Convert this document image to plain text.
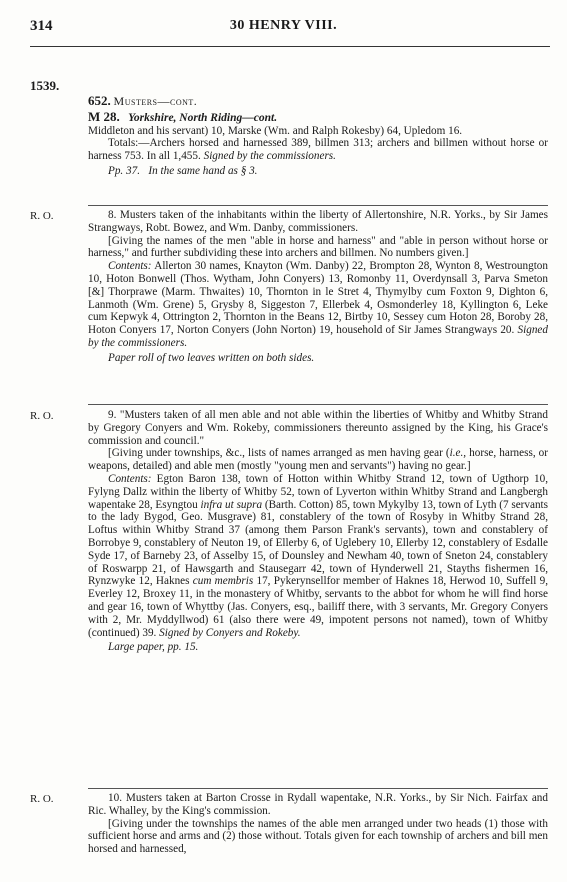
314	30 HENRY VIII.
1539.

652. Musters—cont.

M 28. Yorkshire, North Riding—cont.

Middleton and his servant) 10, Marske (Wm. and Ralph Rokesby) 64, Upledom 16.

Totals:—Archers horsed and harnessed 389, billmen 313; archers and billmen without horse or harness 753. In all 1,455. Signed by the commissioners.

Pp. 37. In the same hand as § 3.

R. O.	8. Musters taken of the inhabitants within the liberty of Allertonshire, N.R. Yorks., by Sir James Strangways, Robt. Bowez, and Wm. Danby, commissioners.

[Giving the names of the men "able in horse and harness" and "able in person without horse or harness," and further subdividing these into archers and billmen. No numbers given.]

Contents: Allerton 30 names, Knayton (Wm. Danby) 22, Brompton 28, Wynton 8, Westroungton 10, Hoton Bonwell (Thos. Wytham, John Conyers) 13, Romonby 11, Overdynsall 3, Parva Smeton [&] Thorprawe (Marm. Thwaites) 10, Thornton in le Stret 4, Thymylby cum Foxton 9, Dighton 6, Lanmoth (Wm. Grene) 5, Grysby 8, Siggeston 7, Ellerbek 4, Osmonderley 18, Kyllington 6, Leke cum Kepwyk 4, Ottrington 2, Thornton in the Beans 12, Birtby 10, Sessey cum Hoton 28, Boroby 28, Hoton Conyers 17, Norton Conyers (John Norton) 19, household of Sir James Strangways 20. Signed by the commissioners.

Paper roll of two leaves written on both sides.

R. O.	9. "Musters taken of all men able and not able within the liberties of Whitby and Whitby Strand by Gregory Conyers and Wm. Rokeby, commissioners thereunto assigned by the King, his Grace's commission and council."

[Giving under townships, &c., lists of names arranged as men having gear (i.e., horse, harness, or weapons, detailed) and able men (mostly "young men and servants") having no gear.]

Contents: Egton Baron 138, town of Hotton within Whitby Strand 12, town of Ugthorp 10, Fylyng Dallz within the liberty of Whitby 52, town of Lyverton within Whitby Strand and Langbergh wapentake 28, Esyngtou infra ut supra (Barth. Cotton) 85, town Mykylby 13, town of Lyth (7 servants to the lady Bygod, Geo. Musgrave) 81, constablery of the town of Rosyby in Whitby Strand 28, Loftus within Whitby Strand 37 (among them Parson Frank's servants), town and constablery of Borrobye 9, constablery of Neuton 19, of Ellerby 6, of Uglebery 10, Ellerby 12, constablery of Esdalle Syde 17, of Barneby 23, of Asselby 15, of Dounsley and Newham 40, town of Sneton 24, constablery of Roswarpp 21, of Hawsgarth and Stausegarr 42, town of Hynderwell 21, Stayths fishermen 16, Rynzwyke 12, Haknes cum membris 17, Pykerynsellfor member of Haknes 18, Herwod 10, Suffell 9, Everley 12, Broxey 11, in the monastery of Whitby, servants to the abbot for whom he will find horse and gear 16, town of Whyttby (Jas. Conyers, esq., bailiff there, with 3 servants, Mr. Gregory Conyers with 2, Mr. Myddyllwod) 61 (also there were 49, impotent persons not named), town of Whitby (continued) 39. Signed by Conyers and Rokeby.

Large paper, pp. 15.

R. O.	10. Musters taken at Barton Crosse in Rydall wapentake, N.R. Yorks., by Sir Nich. Fairfax and Ric. Whalley, by the King's commission.

[Giving under the townships the names of the able men arranged under two heads (1) those with sufficient horse and arms and (2) those without. Totals given for each township of archers and bill men horsed and harnessed,
